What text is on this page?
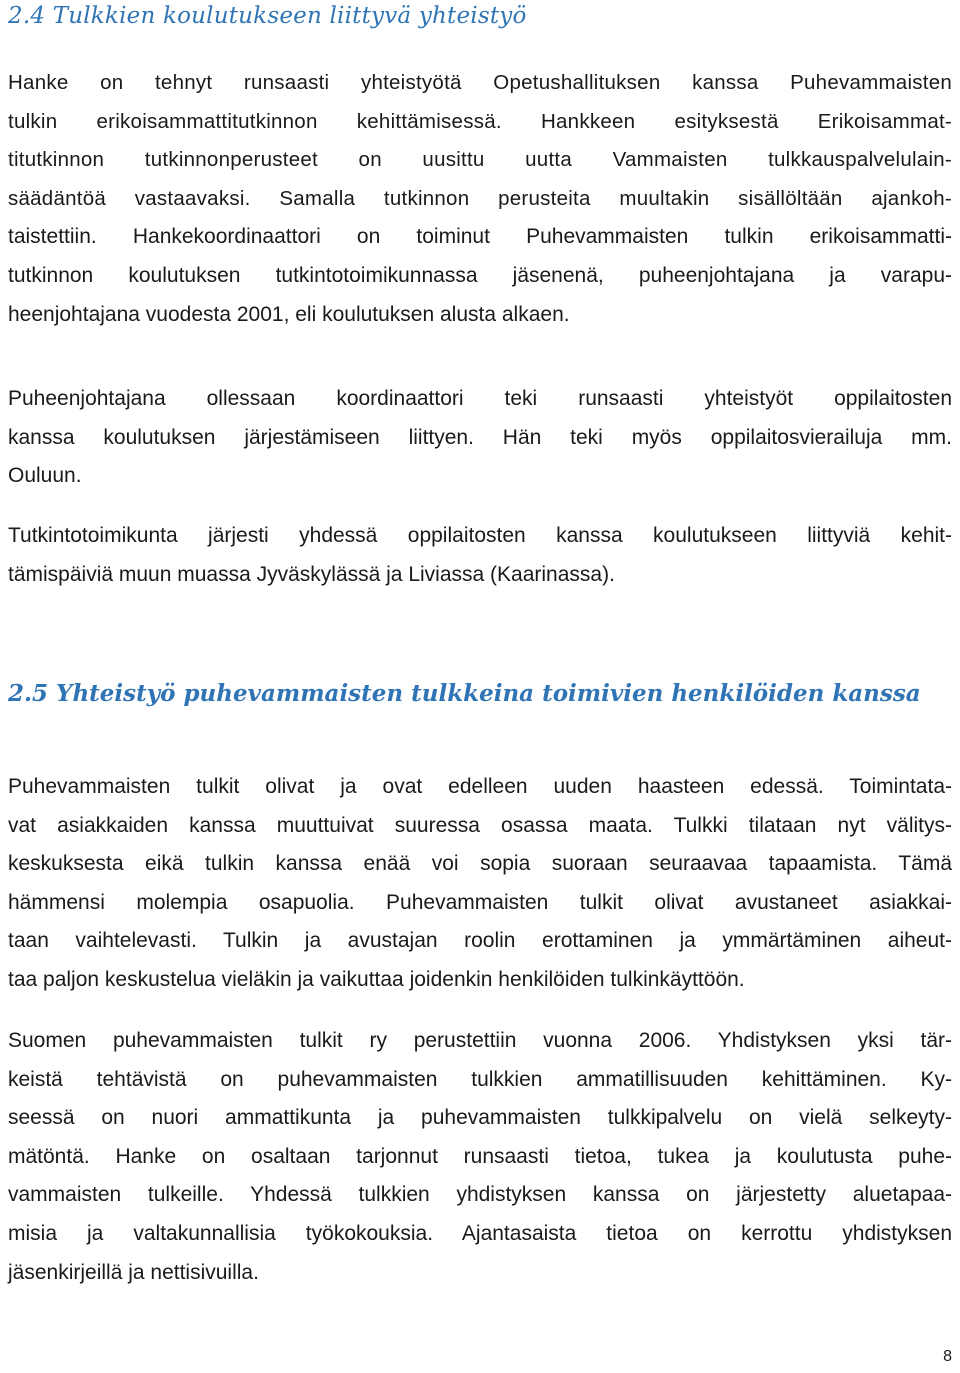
2.4 Tulkkien koulutukseen liittyvä yhteistyö
Hanke on tehnyt runsaasti yhteistyötä Opetushallituksen kanssa Puhevammaisten
tulkin erikoisammattitutkinnon kehittämisessä. Hankkeen esityksestä Erikoisammat-
titutkinnon tutkinnonperusteet on uusittu uutta Vammaisten tulkkauspalvelulain-
säädäntöä vastaavaksi. Samalla tutkinnon perusteita muultakin sisällöltään ajankoh-
taistettiin. Hankekoordinaattori on toiminut Puhevammaisten tulkin erikoisammatti-
tutkinnon koulutuksen tutkintotoimikunnassa jäsenenä, puheenjohtajana ja varapu-
heenjohtajana vuodesta 2001, eli koulutuksen alusta alkaen.
Puheenjohtajana ollessaan koordinaattori teki runsaasti yhteistyöt oppilaitosten
kanssa koulutuksen järjestämiseen liittyen. Hän teki myös oppilaitosvierailuja mm.
Ouluun.
Tutkintotoimikunta järjesti yhdessä oppilaitosten kanssa koulutukseen liittyviä kehit-
tämispäiviä muun muassa Jyväskylässä ja Liviassa (Kaarinassa).
2.5 Yhteistyö puhevammaisten tulkkeina toimivien henkilöiden kanssa
Puhevammaisten tulkit olivat ja ovat edelleen uuden haasteen edessä. Toimintata-
vat asiakkaiden kanssa muuttuivat suuressa osassa maata. Tulkki tilataan nyt välitys-
keskuksesta eikä tulkin kanssa enää voi sopia suoraan seuraavaa tapaamista. Tämä
hämmensi molempia osapuolia. Puhevammaisten tulkit olivat avustaneet asiakkai-
taan vaihtelevasti. Tulkin ja avustajan roolin erottaminen ja ymmärtäminen aiheut-
taa paljon keskustelua vieläkin ja vaikuttaa joidenkin henkilöiden tulkinkäyttöön.
Suomen puhevammaisten tulkit ry perustettiin vuonna 2006. Yhdistyksen yksi tär-
keistä tehtävistä on puhevammaisten tulkkien ammatillisuuden kehittäminen. Ky-
seessä on nuori ammattikunta ja puhevammaisten tulkkipalvelu on vielä selkeyty-
mätöntä. Hanke on osaltaan tarjonnut runsaasti tietoa, tukea ja koulutusta puhe-
vammaisten tulkeille. Yhdessä tulkkien yhdistyksen kanssa on järjestetty aluetapaa-
misia ja valtakunnallisia työkokouksia. Ajantasaista tietoa on kerrottu yhdistyksen
jäsenkirjeillä ja nettisivuilla.

8
